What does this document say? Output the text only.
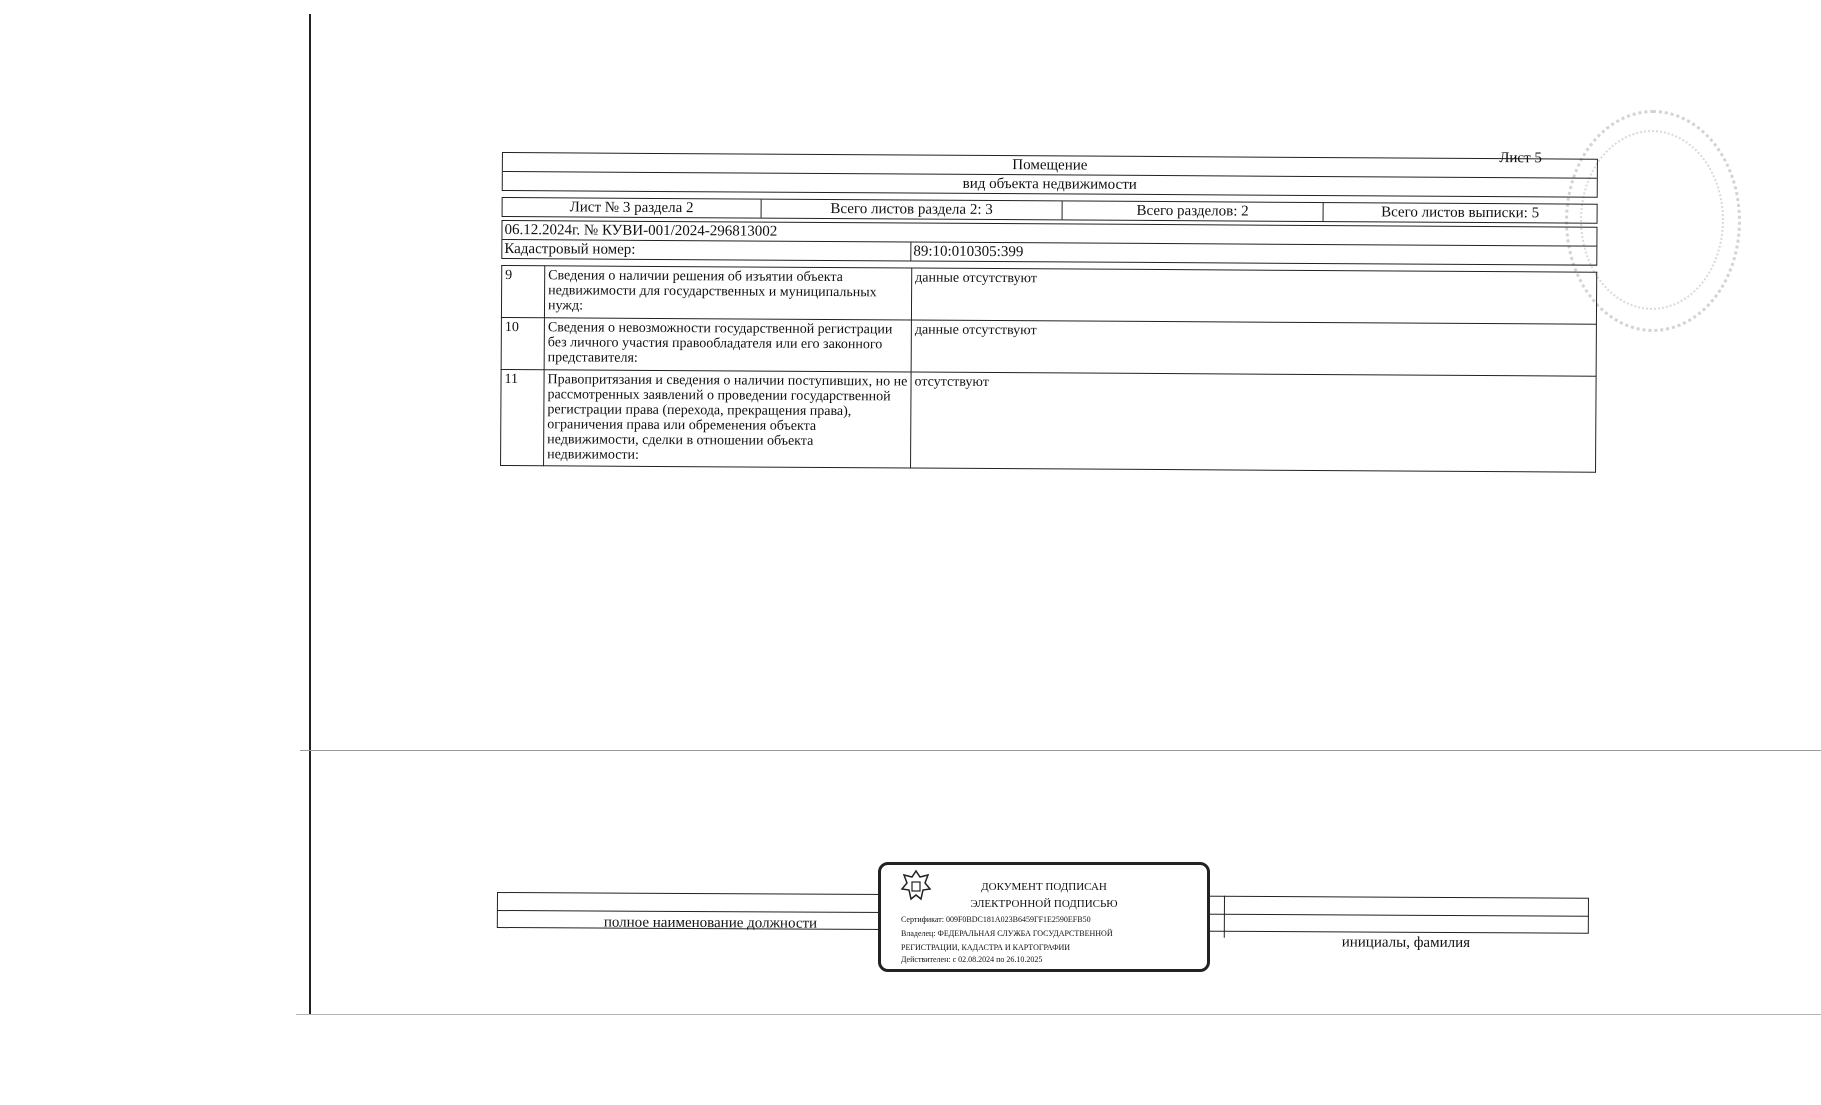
Лист 5
Помещение
вид объекта недвижимости
Лист № 3 раздела 2	Всего листов раздела 2: 3	Всего разделов: 2	Всего листов выписки: 5
06.12.2024г. № КУВИ-001/2024-296813002
Кадастровый номер:	89:10:010305:399
9	Сведения о наличии решения об изъятии объекта недвижимости для государственных и муниципальных нужд:	данные отсутствуют
10	Сведения о невозможности государственной регистрации без личного участия правообладателя или его законного представителя:	данные отсутствуют
11	Правопритязания и сведения о наличии поступивших, но не рассмотренных заявлений о проведении государственной регистрации права (перехода, прекращения права), ограничения права или обременения объекта недвижимости, сделки в отношении объекта недвижимости:	отсутствуют
полное наименование должности
инициалы, фамилия
ДОКУМЕНТ ПОДПИСАН
ЭЛЕКТРОННОЙ ПОДПИСЬЮ
Сертификат: 009F0BDC181A023B6459ГF1E2590EFB50
Владелец: ФЕДЕРАЛЬНАЯ СЛУЖБА ГОСУДАРСТВЕННОЙ
РЕГИСТРАЦИИ, КАДАСТРА И КАРТОГРАФИИ
Действителен: с 02.08.2024 по 26.10.2025
